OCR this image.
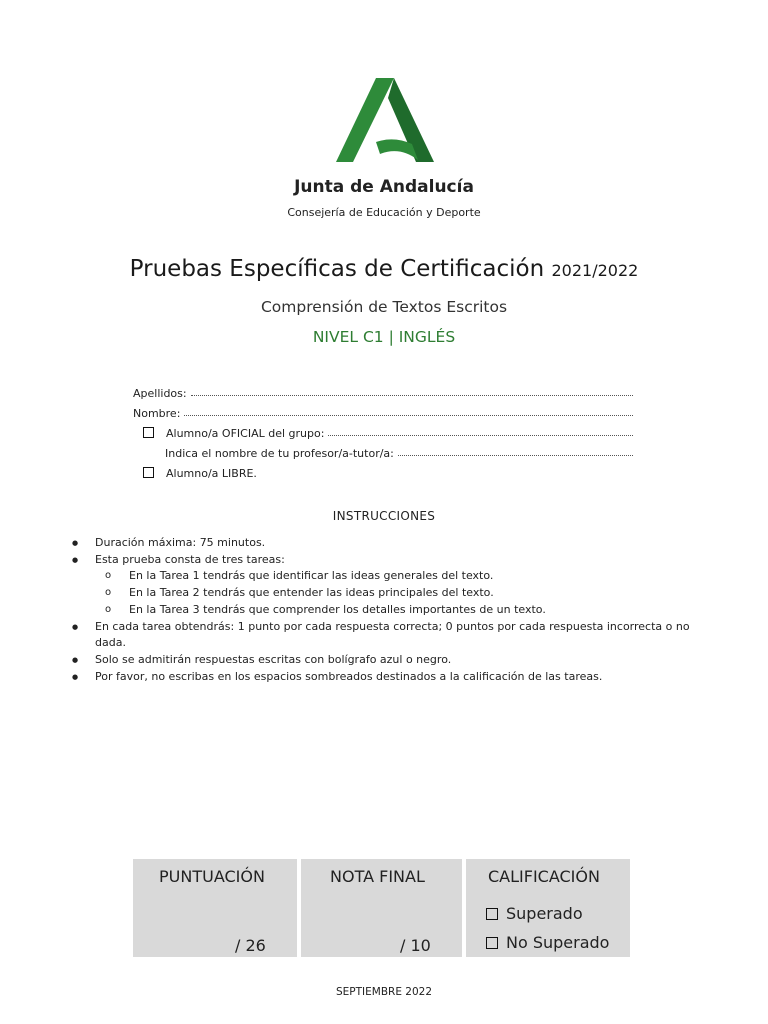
Junta de Andalucía
Consejería de Educación y Deporte
Pruebas Específicas de Certificación 2021/2022
Comprensión de Textos Escritos
NIVEL C1 | INGLÉS
Apellidos:
Nombre:
Alumno/a OFICIAL del grupo:
Indica el nombre de tu profesor/a-tutor/a:
Alumno/a LIBRE.
INSTRUCCIONES
● Duración máxima: 75 minutos.
● Esta prueba consta de tres tareas:
o En la Tarea 1 tendrás que identificar las ideas generales del texto.
o En la Tarea 2 tendrás que entender las ideas principales del texto.
o En la Tarea 3 tendrás que comprender los detalles importantes de un texto.
● En cada tarea obtendrás: 1 punto por cada respuesta correcta; 0 puntos por cada respuesta incorrecta o no dada.
● Solo se admitirán respuestas escritas con bolígrafo azul o negro.
● Por favor, no escribas en los espacios sombreados destinados a la calificación de las tareas.
PUNTUACIÓN
/ 26
NOTA FINAL
/ 10
CALIFICACIÓN
Superado
No Superado
SEPTIEMBRE 2022
